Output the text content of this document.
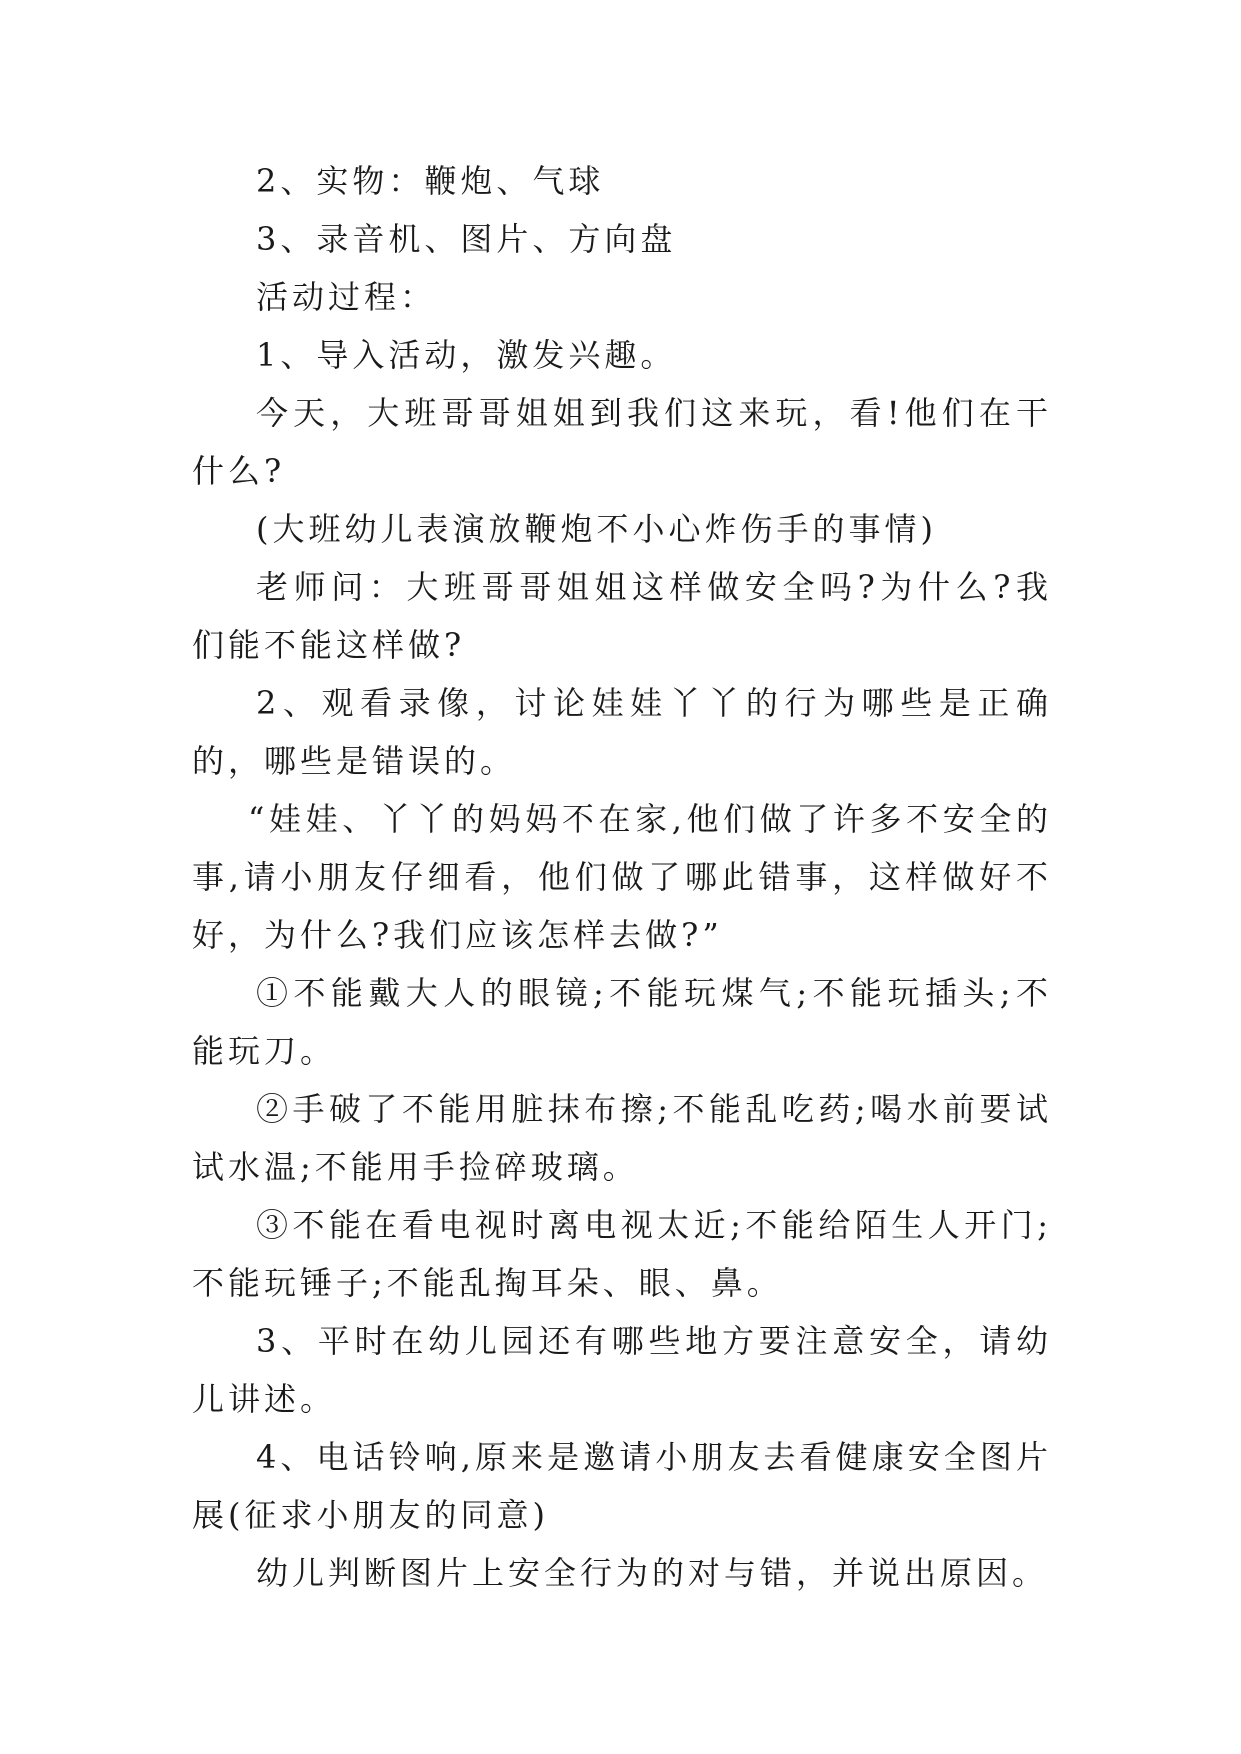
2、实物：鞭炮、气球

3、录音机、图片、方向盘

活动过程：

1、导入活动，激发兴趣。

今天，大班哥哥姐姐到我们这来玩，看!他们在干什么?

(大班幼儿表演放鞭炮不小心炸伤手的事情)

老师问：大班哥哥姐姐这样做安全吗?为什么?我们能不能这样做?

2、观看录像，讨论娃娃丫丫的行为哪些是正确的，哪些是错误的。

“娃娃、丫丫的妈妈不在家,他们做了许多不安全的事,请小朋友仔细看，他们做了哪此错事，这样做好不好，为什么?我们应该怎样去做?”

①不能戴大人的眼镜;不能玩煤气;不能玩插头;不能玩刀。

②手破了不能用脏抹布擦;不能乱吃药;喝水前要试试水温;不能用手捡碎玻璃。

③不能在看电视时离电视太近;不能给陌生人开门;不能玩锤子;不能乱掏耳朵、眼、鼻。

3、平时在幼儿园还有哪些地方要注意安全，请幼儿讲述。

4、电话铃响,原来是邀请小朋友去看健康安全图片展(征求小朋友的同意)

幼儿判断图片上安全行为的对与错，并说出原因。
